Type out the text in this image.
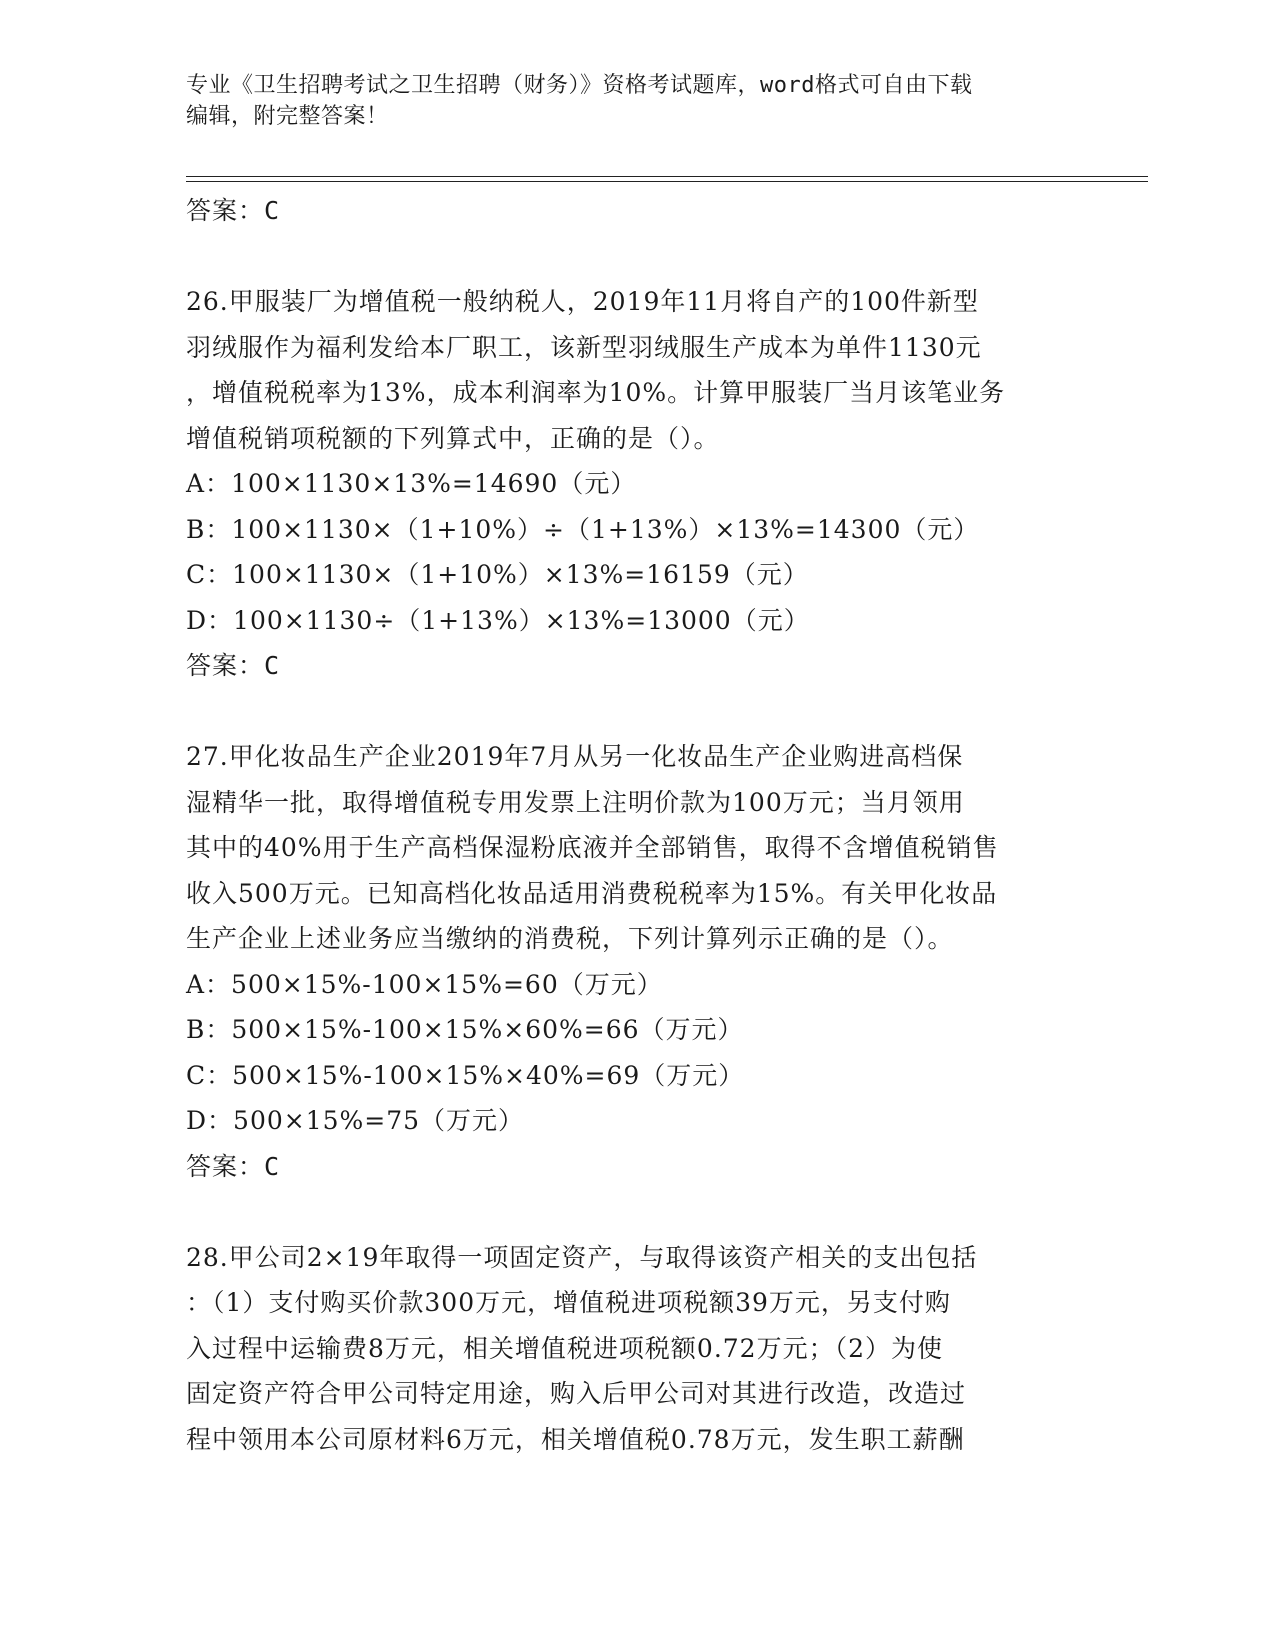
专业《卫生招聘考试之卫生招聘（财务）》资格考试题库，word格式可自由下载
编辑，附完整答案！
答案：C
26.甲服装厂为增值税一般纳税人，2019年11月将自产的100件新型
羽绒服作为福利发给本厂职工，该新型羽绒服生产成本为单件1130元
，增值税税率为13%，成本利润率为10%。计算甲服装厂当月该笔业务
增值税销项税额的下列算式中，正确的是（）。
A：100×1130×13%=14690（元）
B：100×1130×（1+10%）÷（1+13%）×13%=14300（元）
C：100×1130×（1+10%）×13%=16159（元）
D：100×1130÷（1+13%）×13%=13000（元）
答案：C
27.甲化妆品生产企业2019年7月从另一化妆品生产企业购进高档保
湿精华一批，取得增值税专用发票上注明价款为100万元；当月领用
其中的40%用于生产高档保湿粉底液并全部销售，取得不含增值税销售
收入500万元。已知高档化妆品适用消费税税率为15%。有关甲化妆品
生产企业上述业务应当缴纳的消费税，下列计算列示正确的是（）。
A：500×15%-100×15%=60（万元）
B：500×15%-100×15%×60%=66（万元）
C：500×15%-100×15%×40%=69（万元）
D：500×15%=75（万元）
答案：C
28.甲公司2×19年取得一项固定资产，与取得该资产相关的支出包括
：（1）支付购买价款300万元，增值税进项税额39万元，另支付购
入过程中运输费8万元，相关增值税进项税额0.72万元；（2）为使
固定资产符合甲公司特定用途，购入后甲公司对其进行改造，改造过
程中领用本公司原材料6万元，相关增值税0.78万元，发生职工薪酬
